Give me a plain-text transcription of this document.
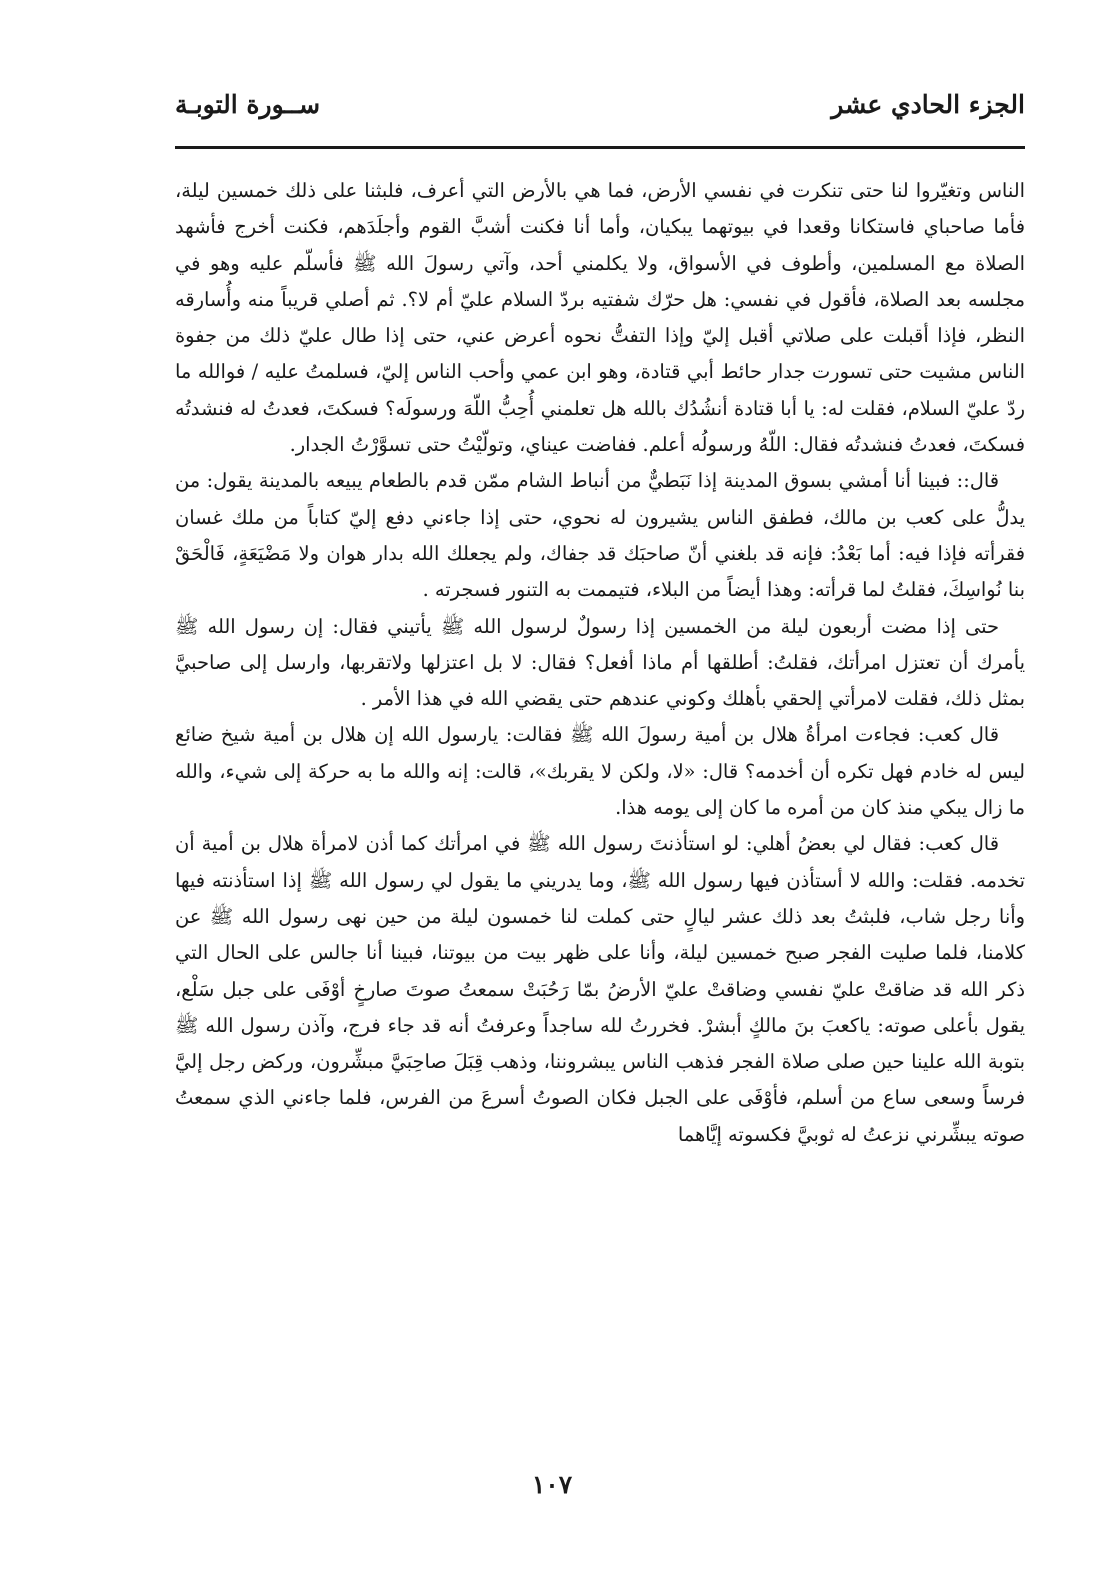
الجزء الحادي عشر
ســورة التوبـة

الناس وتغيّروا لنا حتى تنكرت في نفسي الأرض، فما هي بالأرض التي أعرف، فلبثنا على ذلك خمسين ليلة، فأما صاحباي فاستكانا وقعدا في بيوتهما يبكيان، وأما أنا فكنت أشبَّ القوم وأجلَدَهم، فكنت أخرج فأشهد الصلاة مع المسلمين، وأطوف في الأسواق، ولا يكلمني أحد، وآتي رسولَ الله ﷺ فأسلّم عليه وهو في مجلسه بعد الصلاة، فأقول في نفسي: هل حرّك شفتيه بردّ السلام عليّ أم لا؟. ثم أصلي قريباً منه وأُسارقه النظر، فإذا أقبلت على صلاتي أقبل إليّ وإذا التفتُّ نحوه أعرض عني، حتى إذا طال عليّ ذلك من جفوة الناس مشيت حتى تسورت جدار حائط أبي قتادة، وهو ابن عمي وأحب الناس إليّ، فسلمتُ عليه / فوالله ما ردّ عليّ السلام، فقلت له: يا أبا قتادة أنشُدُك بالله هل تعلمني أُحِبُّ اللّهَ ورسولَه؟ فسكتَ، فعدتُ له فنشدتُه فسكتَ، فعدتُ فنشدتُه فقال: اللّهُ ورسولُه أعلم. ففاضت عيناي، وتولّيْتُ حتى تسوَّرْتُ الجدار.

قال:: فبينا أنا أمشي بسوق المدينة إذا نَبَطيٌّ من أنباط الشام ممّن قدم بالطعام يبيعه بالمدينة يقول: من يدلُّ على كعب بن مالك، فطفق الناس يشيرون له نحوي، حتى إذا جاءني دفع إليّ كتاباً من ملك غسان فقرأته فإذا فيه: أما بَعْدُ: فإنه قد بلغني أنّ صاحبَك قد جفاك، ولم يجعلك الله بدار هوان ولا مَضْيَعَةٍ، فَالْحَقْ بنا نُواسِكَ، فقلتُ لما قرأته: وهذا أيضاً من البلاء، فتيممت به التنور فسجرته .

حتى إذا مضت أربعون ليلة من الخمسين إذا رسولٌ لرسول الله ﷺ يأتيني فقال: إن رسول الله ﷺ يأمرك أن تعتزل امرأتك، فقلتُ: أطلقها أم ماذا أفعل؟ فقال: لا بل اعتزلها ولاتقربها، وارسل إلى صاحبيَّ بمثل ذلك، فقلت لامرأتي إلحقي بأهلك وكوني عندهم حتى يقضي الله في هذا الأمر .

قال كعب: فجاءت امرأةُ هلال بن أمية رسولَ الله ﷺ فقالت: يارسول الله إن هلال بن أمية شيخ ضائع ليس له خادم فهل تكره أن أخدمه؟ قال: «لا، ولكن لا يقربك»، قالت: إنه والله ما به حركة إلى شيء، والله ما زال يبكي منذ كان من أمره ما كان إلى يومه هذا.

قال كعب: فقال لي بعضُ أهلي: لو استأذنتَ رسول الله ﷺ في امرأتك كما أذن لامرأة هلال بن أمية أن تخدمه. فقلت: والله لا أستأذن فيها رسول الله ﷺ، وما يدريني ما يقول لي رسول الله ﷺ إذا استأذنته فيها وأنا رجل شاب، فلبثتُ بعد ذلك عشر ليالٍ حتى كملت لنا خمسون ليلة من حين نهى رسول الله ﷺ عن كلامنا، فلما صليت الفجر صبح خمسين ليلة، وأنا على ظهر بيت من بيوتنا، فبينا أنا جالس على الحال التي ذكر الله قد ضاقتْ عليّ نفسي وضاقتْ عليّ الأرضُ بمّا رَحُبَتْ سمعتُ صوتَ صارخٍ أوْفَى على جبل سَلْع، يقول بأعلى صوته: ياكعبَ بنَ مالكٍ أبشرْ. فخررتُ لله ساجداً وعرفتُ أنه قد جاء فرج، وآذن رسول الله ﷺ بتوبة الله علينا حين صلى صلاة الفجر فذهب الناس يبشروننا، وذهب قِبَلَ صاحِبَيَّ مبشِّرون، وركض رجل إليَّ فرساً وسعى ساع من أسلم، فأوْفَى على الجبل فكان الصوتُ أسرعَ من الفرس، فلما جاءني الذي سمعتُ صوته يبشِّرني نزعتُ له ثوبيَّ فكسوته إيَّاهما

١٠٧
